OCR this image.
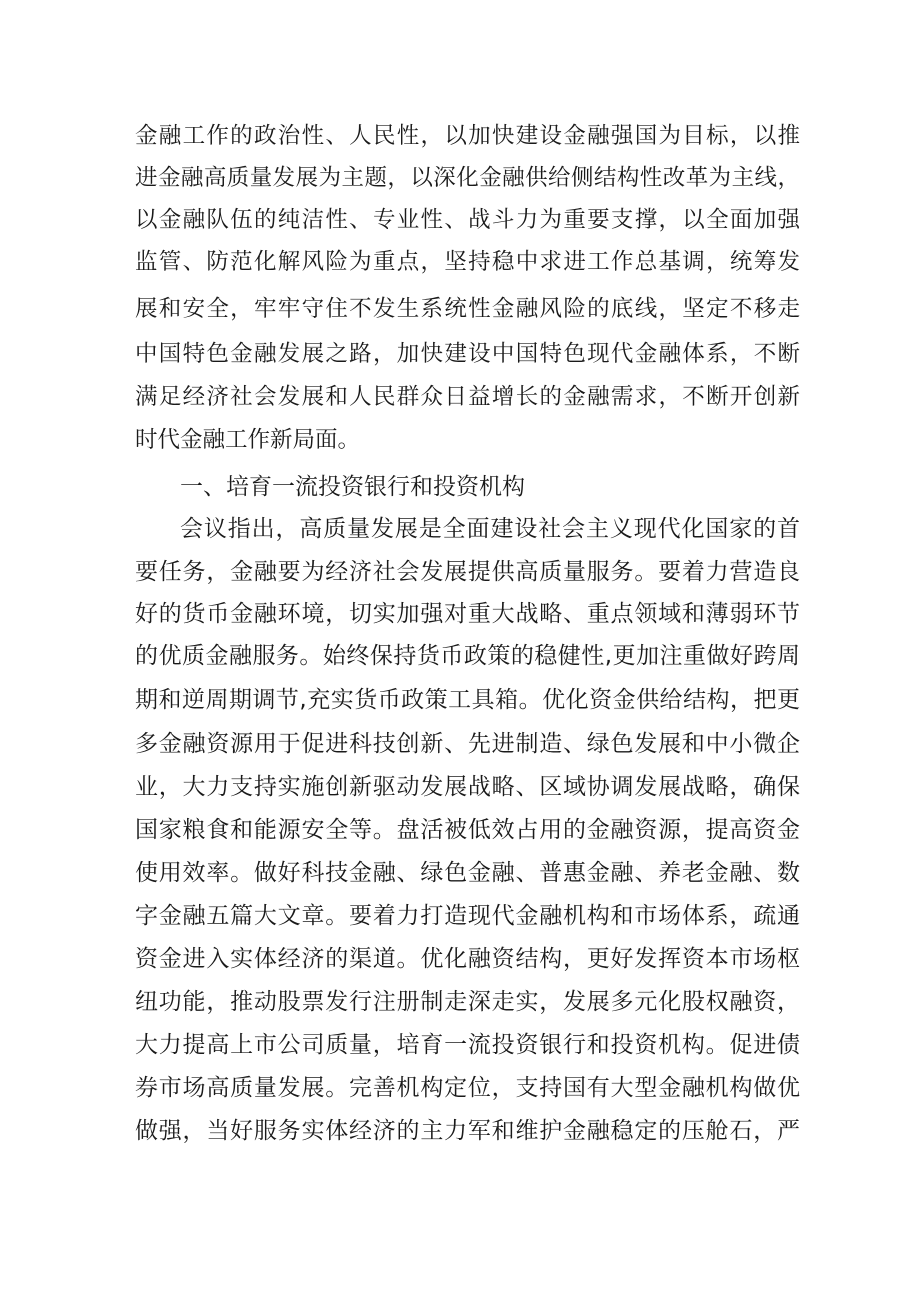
金融工作的政治性、人民性，以加快建设金融强国为目标，以推
进金融高质量发展为主题，以深化金融供给侧结构性改革为主线，
以金融队伍的纯洁性、专业性、战斗力为重要支撑，以全面加强
监管、防范化解风险为重点，坚持稳中求进工作总基调，统筹发
展和安全，牢牢守住不发生系统性金融风险的底线，坚定不移走
中国特色金融发展之路，加快建设中国特色现代金融体系，不断
满足经济社会发展和人民群众日益增长的金融需求，不断开创新
时代金融工作新局面。
一、培育一流投资银行和投资机构
会议指出，高质量发展是全面建设社会主义现代化国家的首
要任务，金融要为经济社会发展提供高质量服务。要着力营造良
好的货币金融环境，切实加强对重大战略、重点领域和薄弱环节
的优质金融服务。始终保持货币政策的稳健性,更加注重做好跨周
期和逆周期调节,充实货币政策工具箱。优化资金供给结构，把更
多金融资源用于促进科技创新、先进制造、绿色发展和中小微企
业，大力支持实施创新驱动发展战略、区域协调发展战略，确保
国家粮食和能源安全等。盘活被低效占用的金融资源，提高资金
使用效率。做好科技金融、绿色金融、普惠金融、养老金融、数
字金融五篇大文章。要着力打造现代金融机构和市场体系，疏通
资金进入实体经济的渠道。优化融资结构，更好发挥资本市场枢
纽功能，推动股票发行注册制走深走实，发展多元化股权融资，
大力提高上市公司质量，培育一流投资银行和投资机构。促进债
券市场高质量发展。完善机构定位，支持国有大型金融机构做优
做强，当好服务实体经济的主力军和维护金融稳定的压舱石，严
